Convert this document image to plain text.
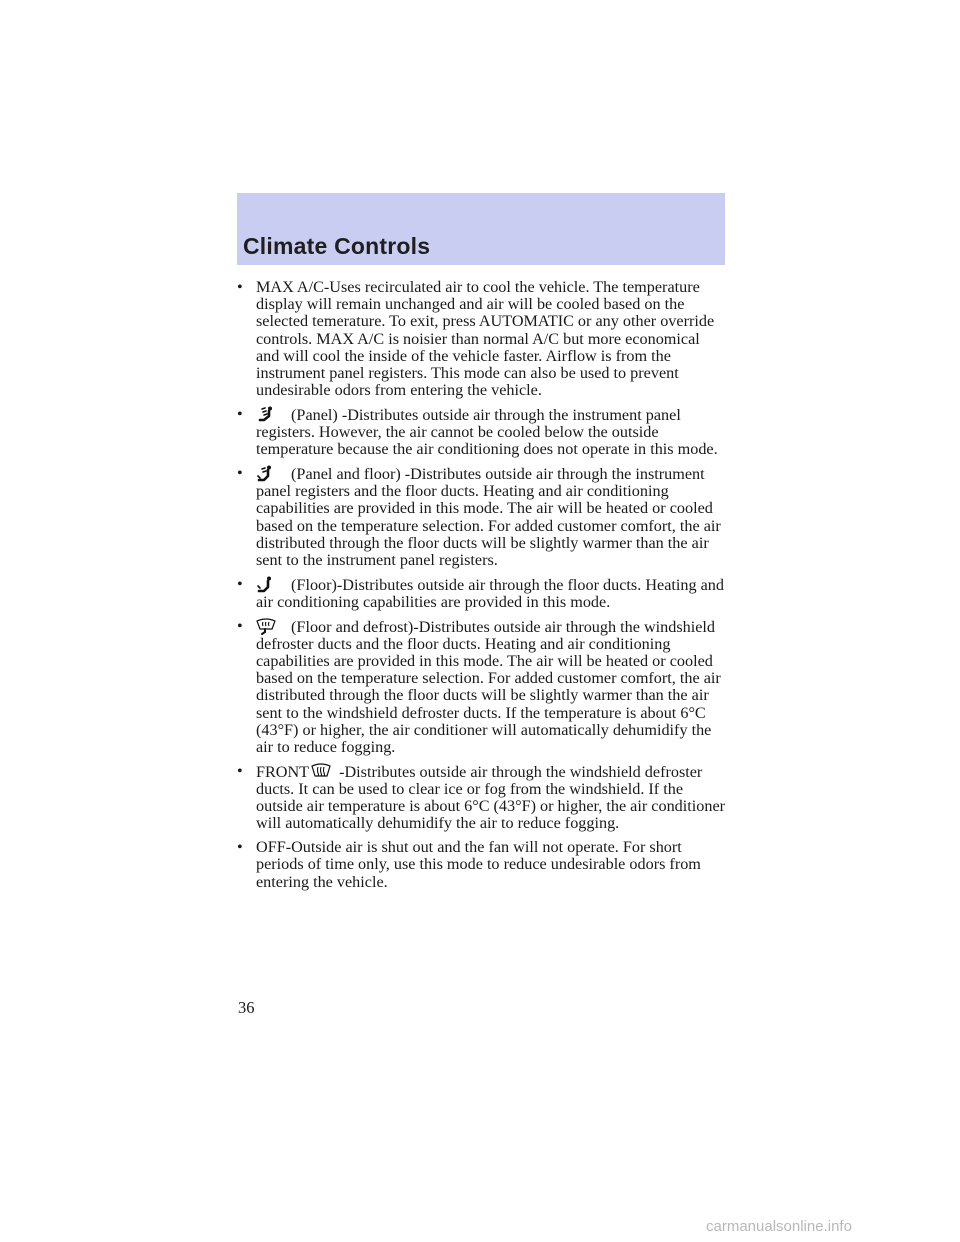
Climate Controls
• MAX A/C-Uses recirculated air to cool the vehicle. The temperature display will remain unchanged and air will be cooled based on the selected temerature. To exit, press AUTOMATIC or any other override controls. MAX A/C is noisier than normal A/C but more economical and will cool the inside of the vehicle faster. Airflow is from the instrument panel registers. This mode can also be used to prevent undesirable odors from entering the vehicle.
•	(Panel) -Distributes outside air through the instrument panel registers. However, the air cannot be cooled below the outside temperature because the air conditioning does not operate in this mode.
•	(Panel and floor) -Distributes outside air through the instrument panel registers and the floor ducts. Heating and air conditioning capabilities are provided in this mode. The air will be heated or cooled based on the temperature selection. For added customer comfort, the air distributed through the floor ducts will be slightly warmer than the air sent to the instrument panel registers.
•	(Floor)-Distributes outside air through the floor ducts. Heating and air conditioning capabilities are provided in this mode.
•	(Floor and defrost)-Distributes outside air through the windshield defroster ducts and the floor ducts. Heating and air conditioning capabilities are provided in this mode. The air will be heated or cooled based on the temperature selection. For added customer comfort, the air distributed through the floor ducts will be slightly warmer than the air sent to the windshield defroster ducts. If the temperature is about 6°C (43°F) or higher, the air conditioner will automatically dehumidify the air to reduce fogging.
• FRONT -Distributes outside air through the windshield defroster ducts. It can be used to clear ice or fog from the windshield. If the outside air temperature is about 6°C (43°F) or higher, the air conditioner will automatically dehumidify the air to reduce fogging.
• OFF-Outside air is shut out and the fan will not operate. For short periods of time only, use this mode to reduce undesirable odors from entering the vehicle.
36
carmanualsonline.info
